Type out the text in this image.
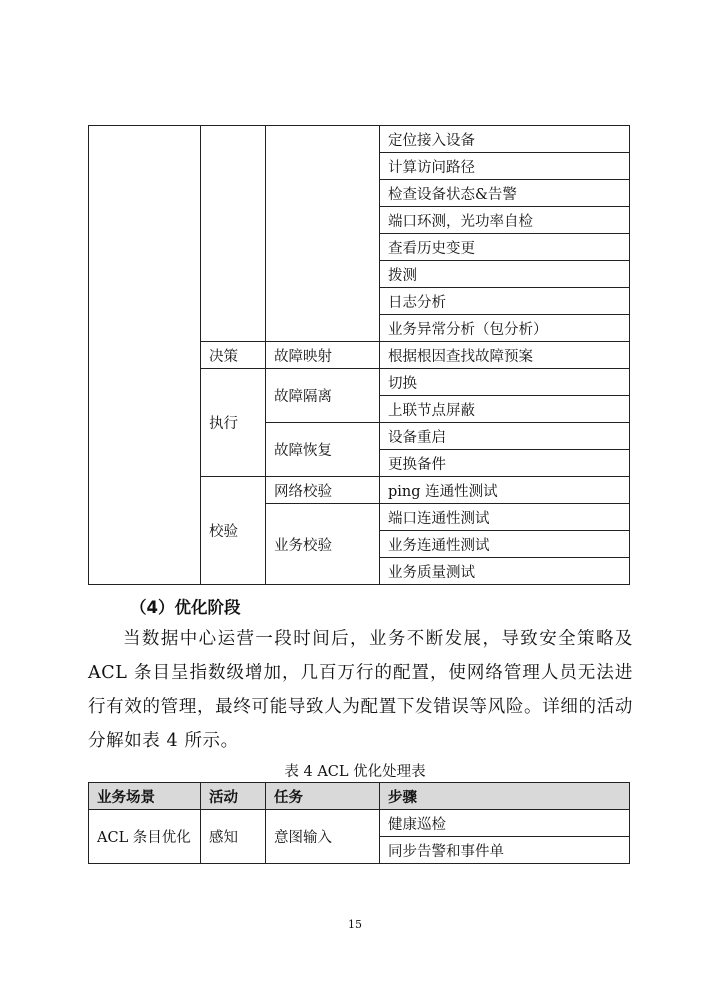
			定位接入设备
			计算访问路径
			检查设备状态&告警
			端口环测，光功率自检
			查看历史变更
			拨测
			日志分析
			业务异常分析（包分析）
	决策	故障映射	根据根因查找故障预案
	执行	故障隔离	切换
			上联节点屏蔽
		故障恢复	设备重启
			更换备件
	校验	网络校验	ping 连通性测试
		业务校验	端口连通性测试
			业务连通性测试
			业务质量测试
（4）优化阶段

当数据中心运营一段时间后，业务不断发展，导致安全策略及 ACL 条目呈指数级增加，几百万行的配置，使网络管理人员无法进行有效的管理，最终可能导致人为配置下发错误等风险。详细的活动分解如表 4 所示。

表 4 ACL 优化处理表
业务场景	活动	任务	步骤
ACL 条目优化	感知	意图输入	健康巡检
			同步告警和事件单
15
